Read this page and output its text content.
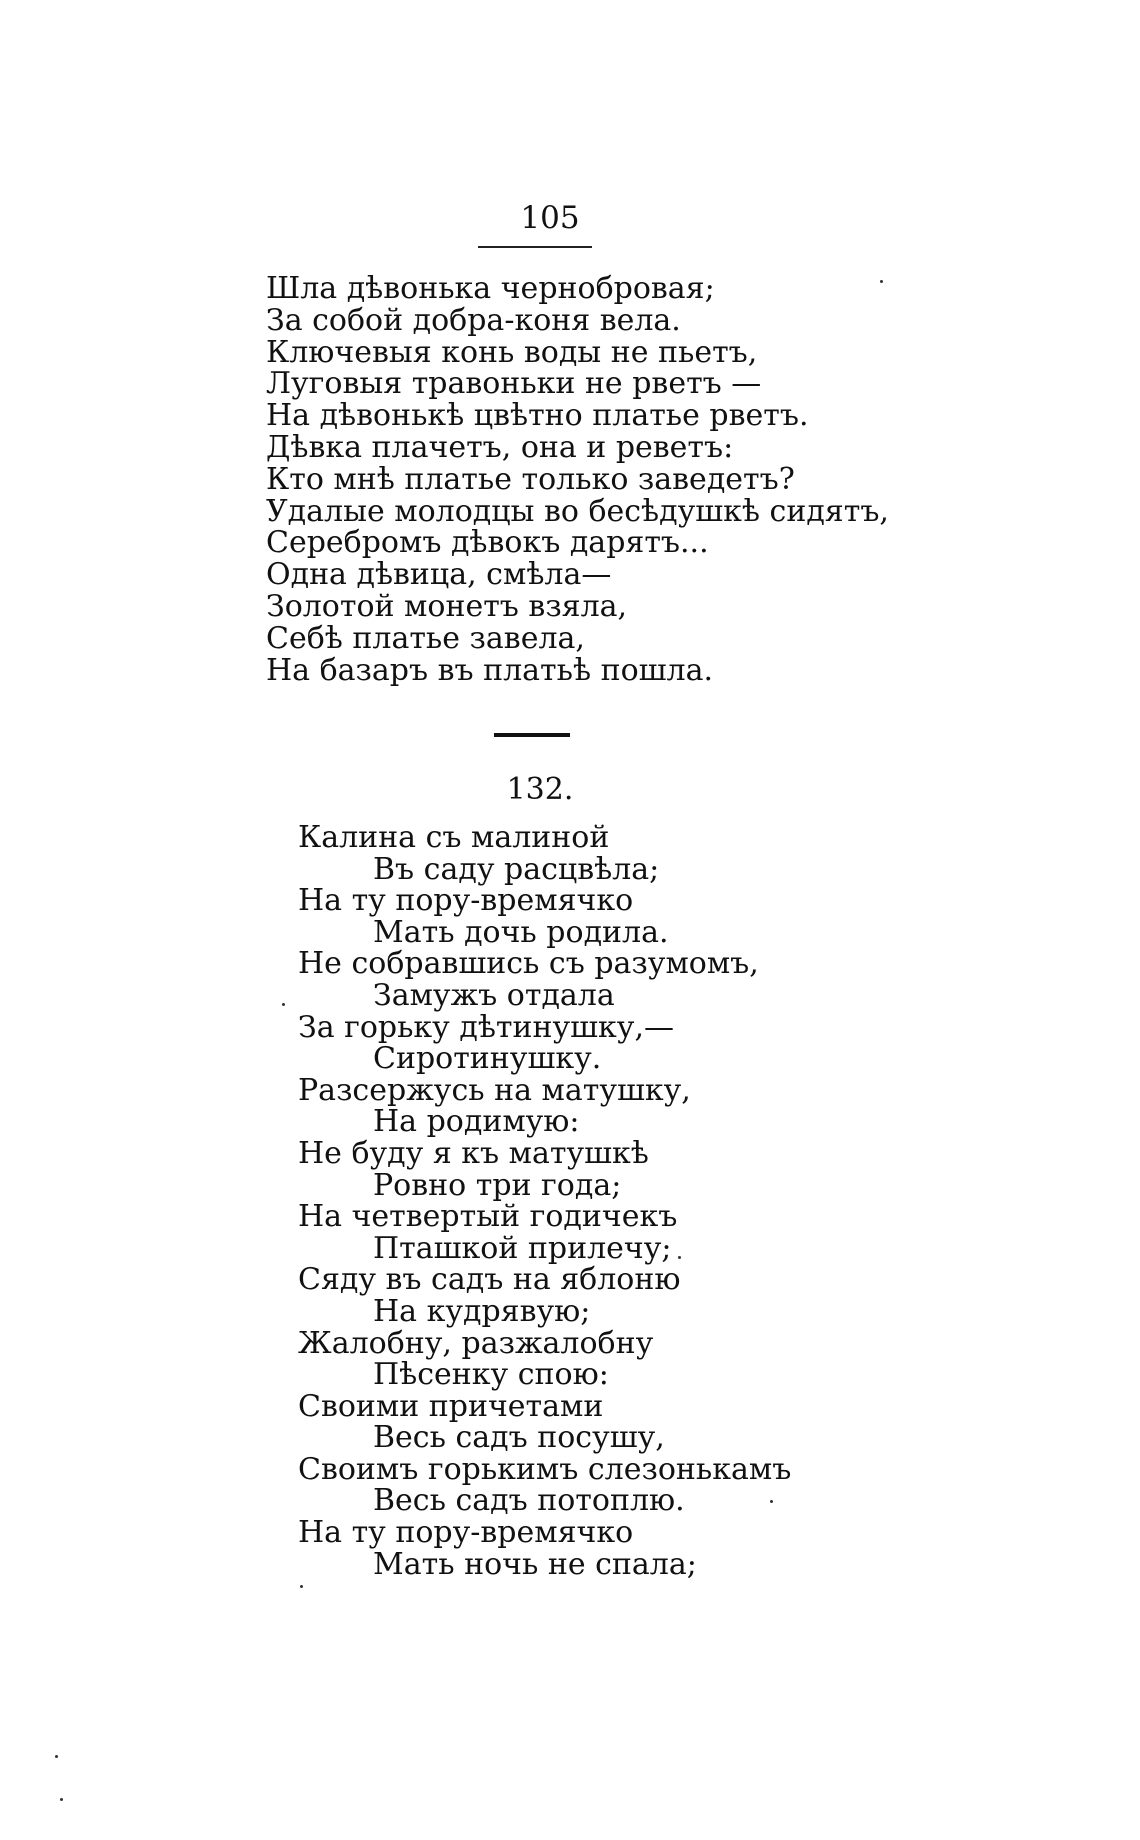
105
Шла дѣвонька чернобровая;
За собой добра-коня вела.
Ключевыя конь воды не пьетъ,
Луговыя травоньки не рветъ —
На дѣвонькѣ цвѣтно платье рветъ.
Дѣвка плачетъ, она и реветъ:
Кто мнѣ платье только заведетъ?
Удалые молодцы во бесѣдушкѣ сидятъ,
Серебромъ дѣвокъ дарятъ...
Одна дѣвица, смѣла—
Золотой монетъ взяла,
Себѣ платье завела,
На базаръ въ платьѣ пошла.
132.
Калина съ малиной
Въ саду расцвѣла;
На ту пору-времячко
Мать дочь родила.
Не собравшись съ разумомъ,
Замужъ отдала
За горьку дѣтинушку,—
Сиротинушку.
Разсержусь на матушку,
На родимую:
Не буду я къ матушкѣ
Ровно три года;
На четвертый годичекъ
Пташкой прилечу;
Сяду въ садъ на яблоню
На кудрявую;
Жалобну, разжалобну
Пѣсенку спою:
Своими причетами
Весь садъ посушу,
Своимъ горькимъ слезонькамъ
Весь садъ потоплю.
На ту пору-времячко
Мать ночь не спала;
